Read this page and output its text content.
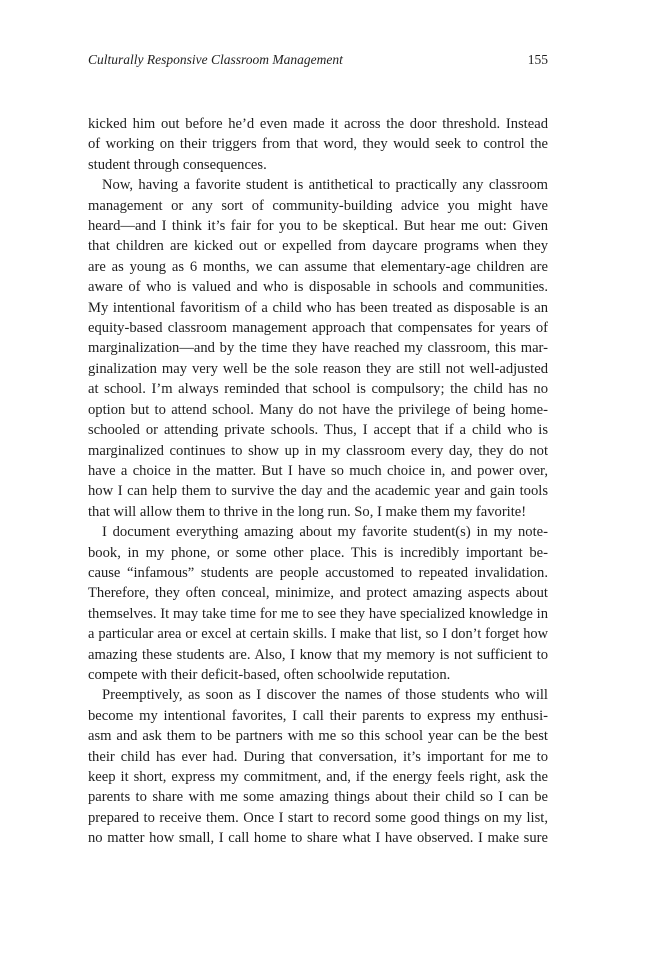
Culturally Responsive Classroom Management	155
kicked him out before he’d even made it across the door threshold. Instead
of working on their triggers from that word, they would seek to control the
student through consequences.
Now, having a favorite student is antithetical to practically any classroom
management or any sort of community-building advice you might have
heard—and I think it’s fair for you to be skeptical. But hear me out: Given
that children are kicked out or expelled from daycare programs when they
are as young as 6 months, we can assume that elementary-age children are
aware of who is valued and who is disposable in schools and communities.
My intentional favoritism of a child who has been treated as disposable is an
equity-based classroom management approach that compensates for years of
marginalization—and by the time they have reached my classroom, this mar-
ginalization may very well be the sole reason they are still not well-adjusted
at school. I’m always reminded that school is compulsory; the child has no
option but to attend school. Many do not have the privilege of being home-
schooled or attending private schools. Thus, I accept that if a child who is
marginalized continues to show up in my classroom every day, they do not
have a choice in the matter. But I have so much choice in, and power over,
how I can help them to survive the day and the academic year and gain tools
that will allow them to thrive in the long run. So, I make them my favorite!
I document everything amazing about my favorite student(s) in my note-
book, in my phone, or some other place. This is incredibly important be-
cause “infamous” students are people accustomed to repeated invalidation.
Therefore, they often conceal, minimize, and protect amazing aspects about
themselves. It may take time for me to see they have specialized knowledge in
a particular area or excel at certain skills. I make that list, so I don’t forget how
amazing these students are. Also, I know that my memory is not sufficient to
compete with their deficit-based, often schoolwide reputation.
Preemptively, as soon as I discover the names of those students who will
become my intentional favorites, I call their parents to express my enthusi-
asm and ask them to be partners with me so this school year can be the best
their child has ever had. During that conversation, it’s important for me to
keep it short, express my commitment, and, if the energy feels right, ask the
parents to share with me some amazing things about their child so I can be
prepared to receive them. Once I start to record some good things on my list,
no matter how small, I call home to share what I have observed. I make sure
